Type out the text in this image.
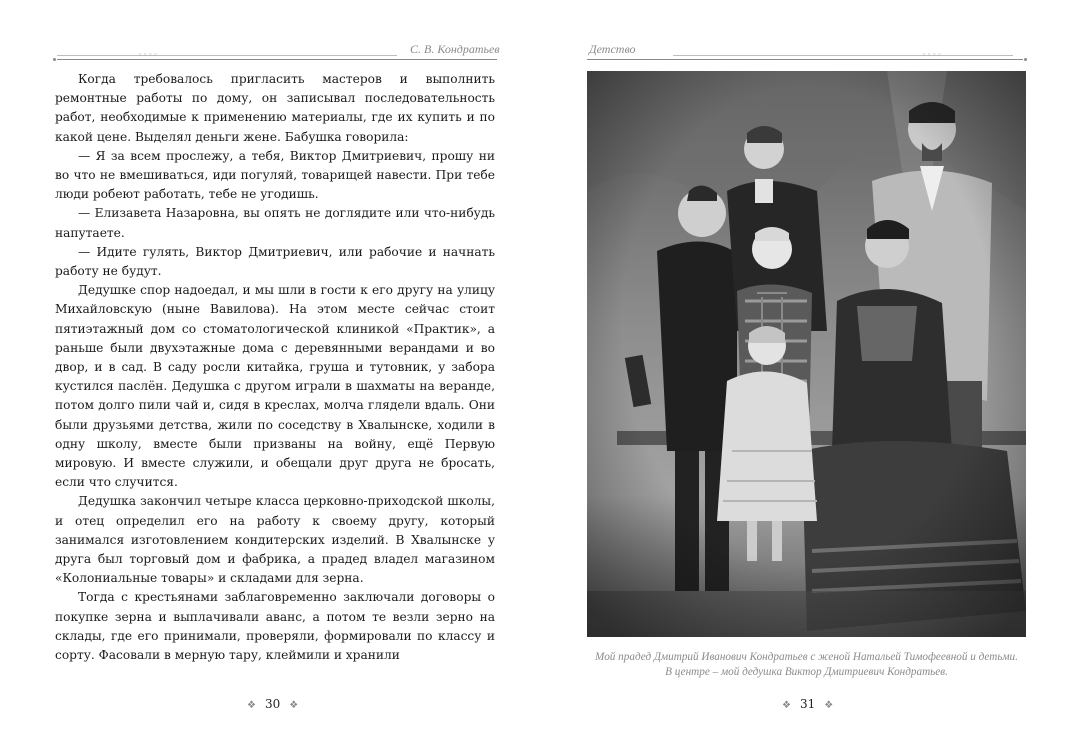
◦◦◦◦	С. В. Кондратьев

Когда требовалось пригласить мастеров и выполнить ремонтные работы по дому, он записывал последовательность работ, необходимые к применению материалы, где их купить и по какой цене. Выделял деньги жене. Бабушка говорила:

— Я за всем прослежу, а тебя, Виктор Дмитриевич, прошу ни во что не вмешиваться, иди погуляй, товарищей навести. При тебе люди робеют работать, тебе не угодишь.

— Елизавета Назаровна, вы опять не доглядите или что-нибудь напутаете.

— Идите гулять, Виктор Дмитриевич, или рабочие и начнать работу не будут.

Дедушке спор надоедал, и мы шли в гости к его другу на улицу Михайловскую (ныне Вавилова). На этом месте сейчас стоит пятиэтажный дом со стоматологической клиникой «Практик», а раньше были двухэтажные дома с деревянными верандами и во двор, и в сад. В саду росли китайка, груша и тутовник, у забора кустился паслён. Дедушка с другом играли в шахматы на веранде, потом долго пили чай и, сидя в креслах, молча глядели вдаль. Они были друзьями детства, жили по соседству в Хвалынске, ходили в одну школу, вместе были призваны на войну, ещё Первую мировую. И вместе служили, и обещали друг друга не бросать, если что случится.

Дедушка закончил четыре класса церковно-приходской школы, и отец определил его на работу к своему другу, который занимался изготовлением кондитерских изделий. В Хвалынске у друга был торговый дом и фабрика, а прадед владел магазином «Колониальные товары» и складами для зерна.

Тогда с крестьянами заблаговременно заключали договоры о покупке зерна и выплачивали аванс, а потом те везли зерно на склады, где его принимали, проверяли, формировали по классу и сорту. Фасовали в мерную тару, клеймили и хранили

❖ 30 ❖
Детство	◦◦◦◦
Мой прадед Дмитрий Иванович Кондратьев с женой Натальей Тимофеевной и детьми.
В центре – мой дедушка Виктор Дмитриевич Кондратьев.
❖ 31 ❖
